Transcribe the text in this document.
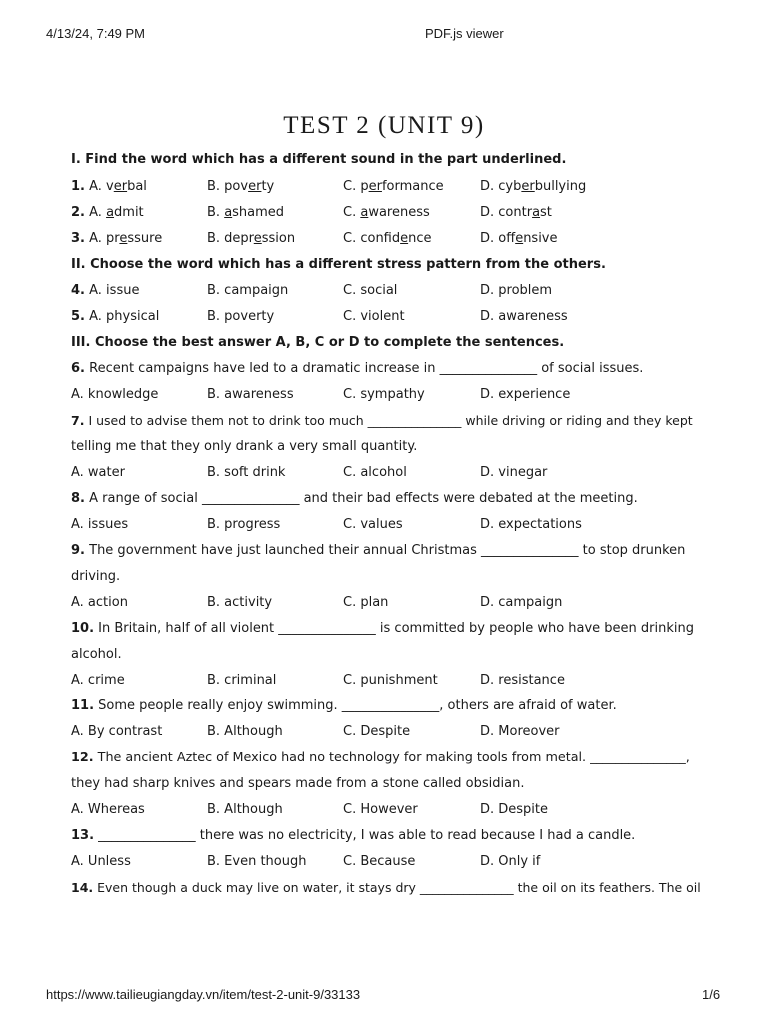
4/13/24, 7:49 PM	PDF.js viewer
TEST 2 (UNIT 9)
I. Find the word which has a different sound in the part underlined.
1. A. verbal	B. poverty	C. performance	D. cyberbullying
2. A. admit	B. ashamed	C. awareness	D. contrast
3. A. pressure	B. depression	C. confidence	D. offensive
II. Choose the word which has a different stress pattern from the others.
4. A. issue	B. campaign	C. social	D. problem
5. A. physical	B. poverty	C. violent	D. awareness
III. Choose the best answer A, B, C or D to complete the sentences.
6. Recent campaigns have led to a dramatic increase in _______________ of social issues.
A. knowledge	B. awareness	C. sympathy	D. experience
7. I used to advise them not to drink too much _______________ while driving or riding and they kept
telling me that they only drank a very small quantity.
A. water	B. soft drink	C. alcohol	D. vinegar
8. A range of social _______________ and their bad effects were debated at the meeting.
A. issues	B. progress	C. values	D. expectations
9. The government have just launched their annual Christmas _______________ to stop drunken
driving.
A. action	B. activity	C. plan	D. campaign
10. In Britain, half of all violent _______________ is committed by people who have been drinking
alcohol.
A. crime	B. criminal	C. punishment	D. resistance
11. Some people really enjoy swimming. _______________, others are afraid of water.
A. By contrast	B. Although	C. Despite	D. Moreover
12. The ancient Aztec of Mexico had no technology for making tools from metal. _______________,
they had sharp knives and spears made from a stone called obsidian.
A. Whereas	B. Although	C. However	D. Despite
13. _______________ there was no electricity, I was able to read because I had a candle.
A. Unless	B. Even though	C. Because	D. Only if
14. Even though a duck may live on water, it stays dry _______________ the oil on its feathers. The oil
https://www.tailieugiangday.vn/item/test-2-unit-9/33133	1/6
